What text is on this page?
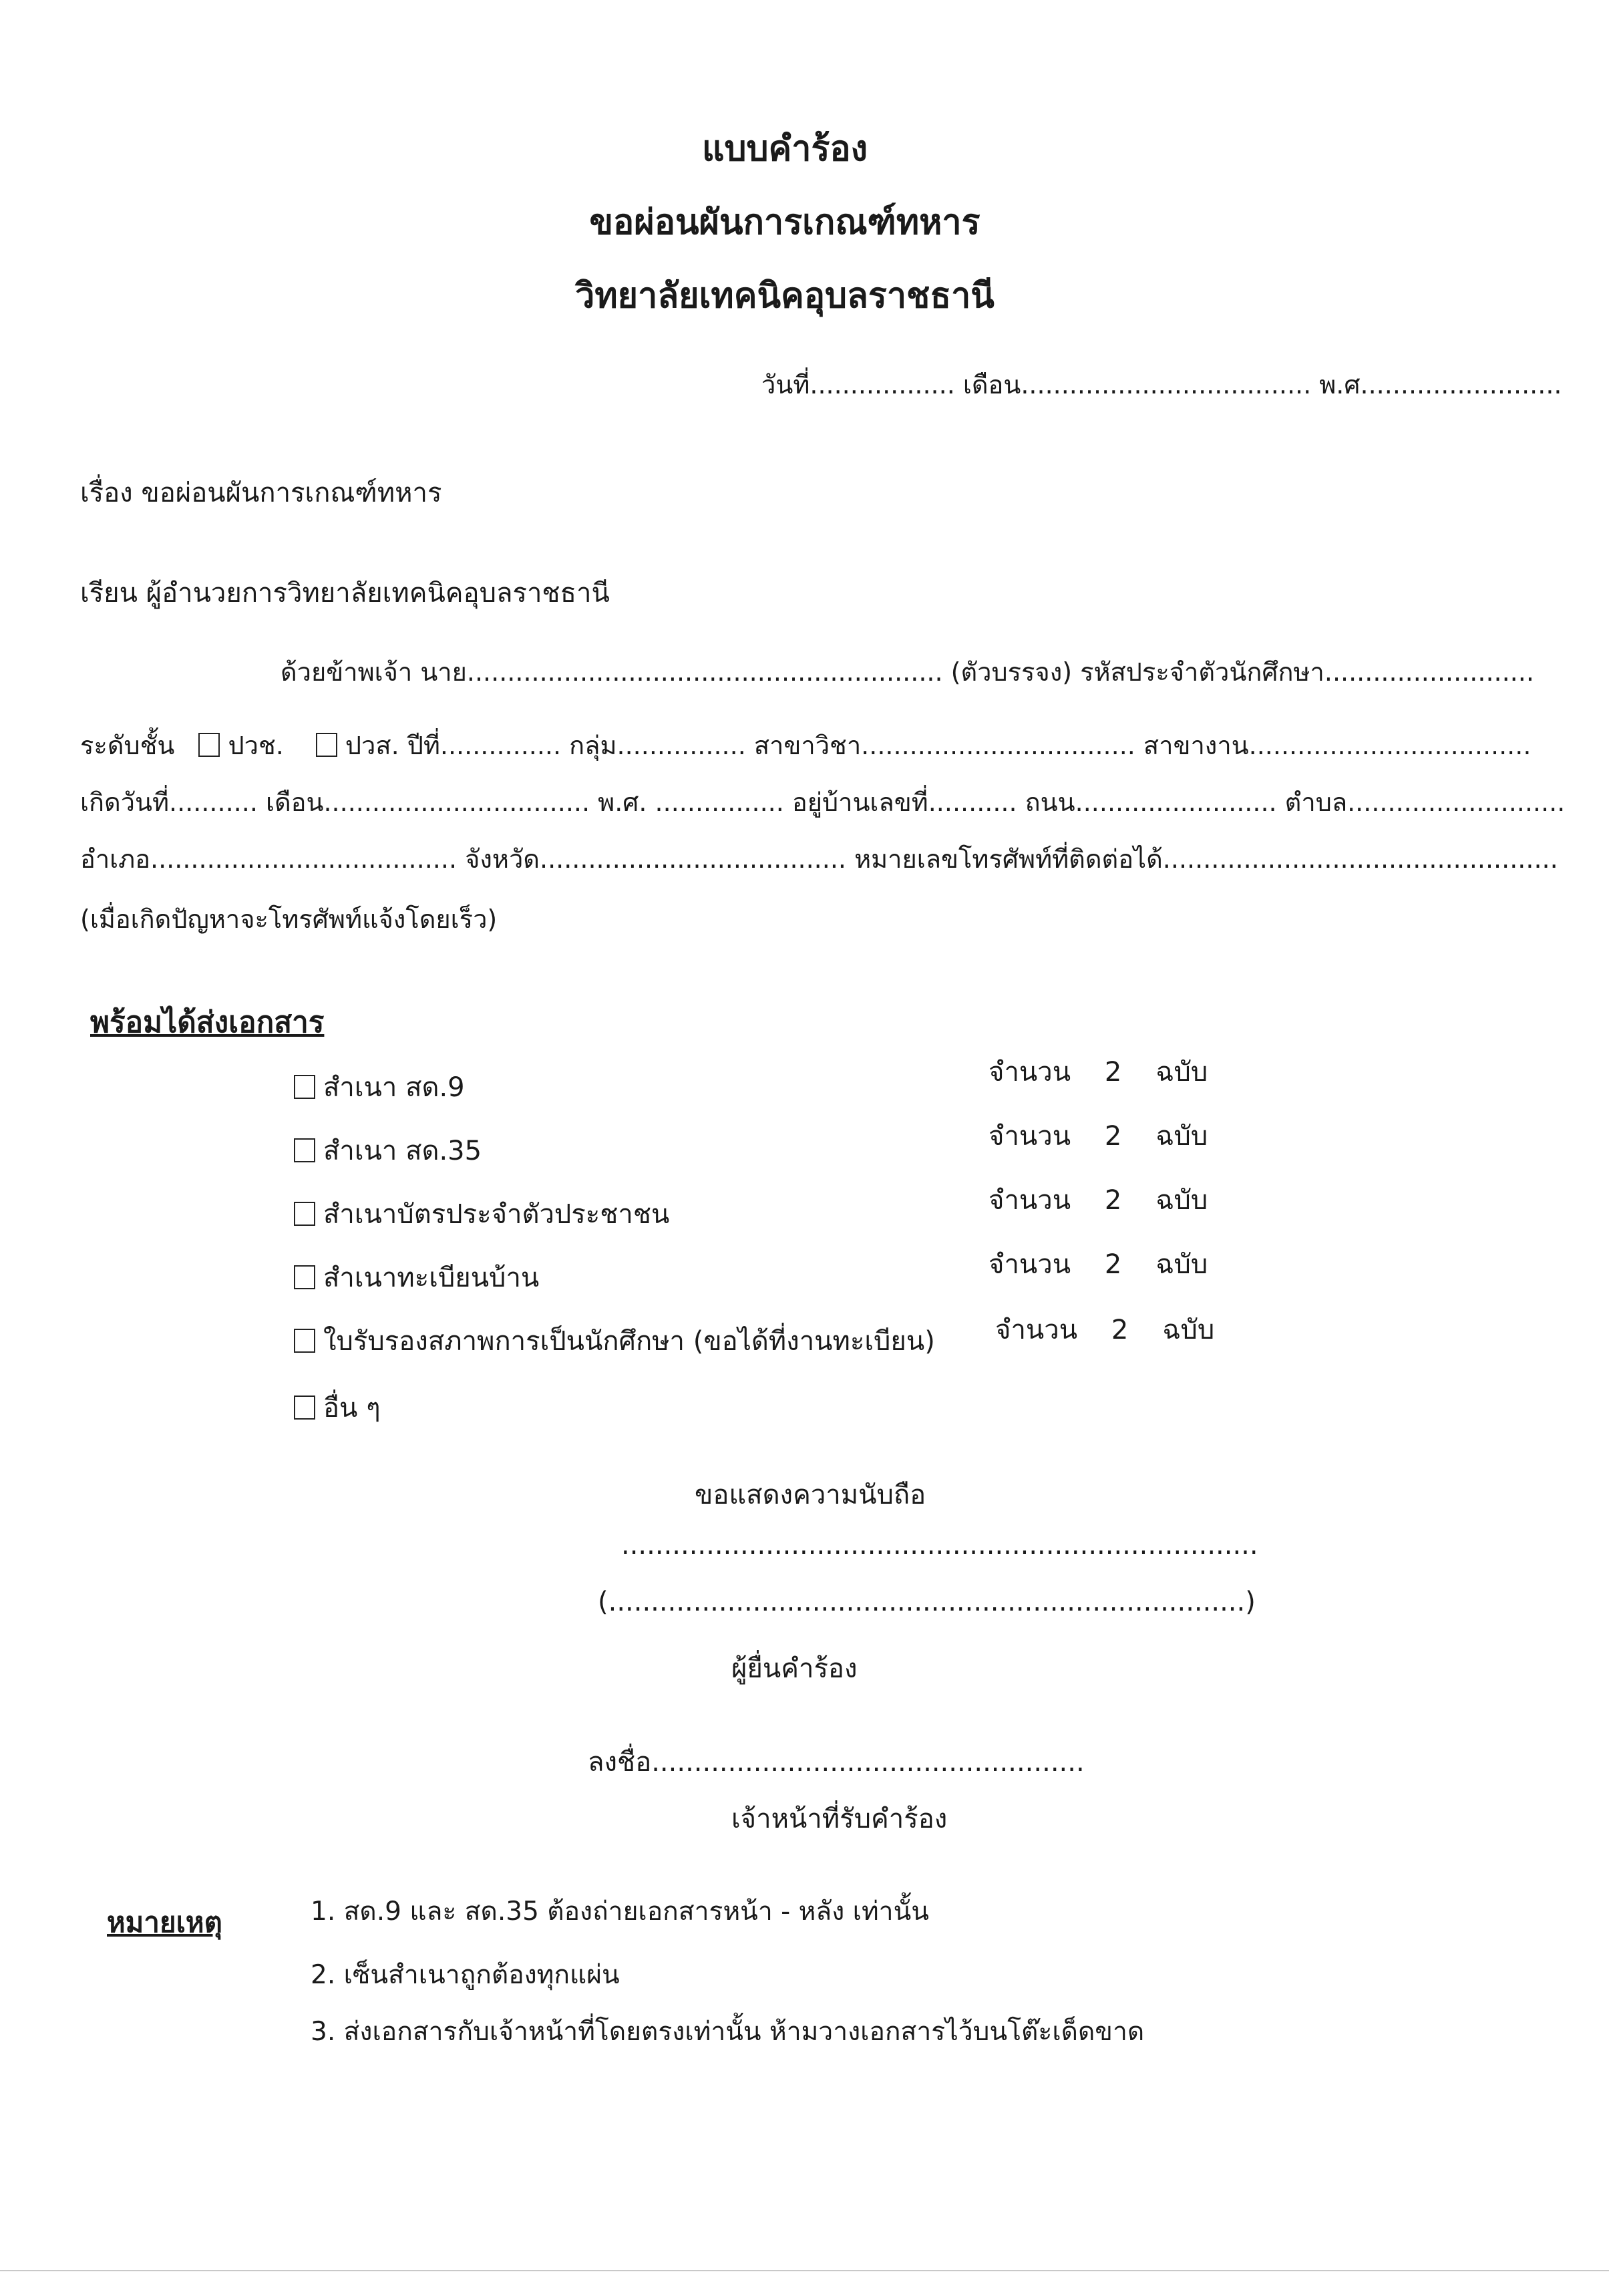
แบบคำร้อง
ขอผ่อนผันการเกณฑ์ทหาร
วิทยาลัยเทคนิคอุบลราชธานี
วันที่.................. เดือน.................................... พ.ศ.........................
เรื่อง ขอผ่อนผันการเกณฑ์ทหาร
เรียน ผู้อำนวยการวิทยาลัยเทคนิคอุบลราชธานี
ด้วยข้าพเจ้า นาย........................................................... (ตัวบรรจง) รหัสประจำตัวนักศึกษา..........................
ระดับชั้น ปวช. ปวส. ปีที่............... กลุ่ม................ สาขาวิชา.................................. สาขางาน...................................
เกิดวันที่........... เดือน................................. พ.ศ. ................ อยู่บ้านเลขที่........... ถนน......................... ตำบล...........................
อำเภอ...................................... จังหวัด...................................... หมายเลขโทรศัพท์ที่ติดต่อได้.................................................
(เมื่อเกิดปัญหาจะโทรศัพท์แจ้งโดยเร็ว)
พร้อมได้ส่งเอกสาร
สำเนา สด.9	จำนวน 2 ฉบับ
สำเนา สด.35	จำนวน 2 ฉบับ
สำเนาบัตรประจำตัวประชาชน	จำนวน 2 ฉบับ
สำเนาทะเบียนบ้าน	จำนวน 2 ฉบับ
ใบรับรองสภาพการเป็นนักศึกษา (ขอได้ที่งานทะเบียน) จำนวน 2 ฉบับ
อื่น ๆ
ขอแสดงความนับถือ
...........................................................................
(...........................................................................)
ผู้ยื่นคำร้อง
ลงชื่อ...................................................
เจ้าหน้าที่รับคำร้อง
หมายเหตุ	1. สด.9 และ สด.35 ต้องถ่ายเอกสารหน้า - หลัง เท่านั้น
2. เซ็นสำเนาถูกต้องทุกแผ่น
3. ส่งเอกสารกับเจ้าหน้าที่โดยตรงเท่านั้น ห้ามวางเอกสารไว้บนโต๊ะเด็ดขาด
